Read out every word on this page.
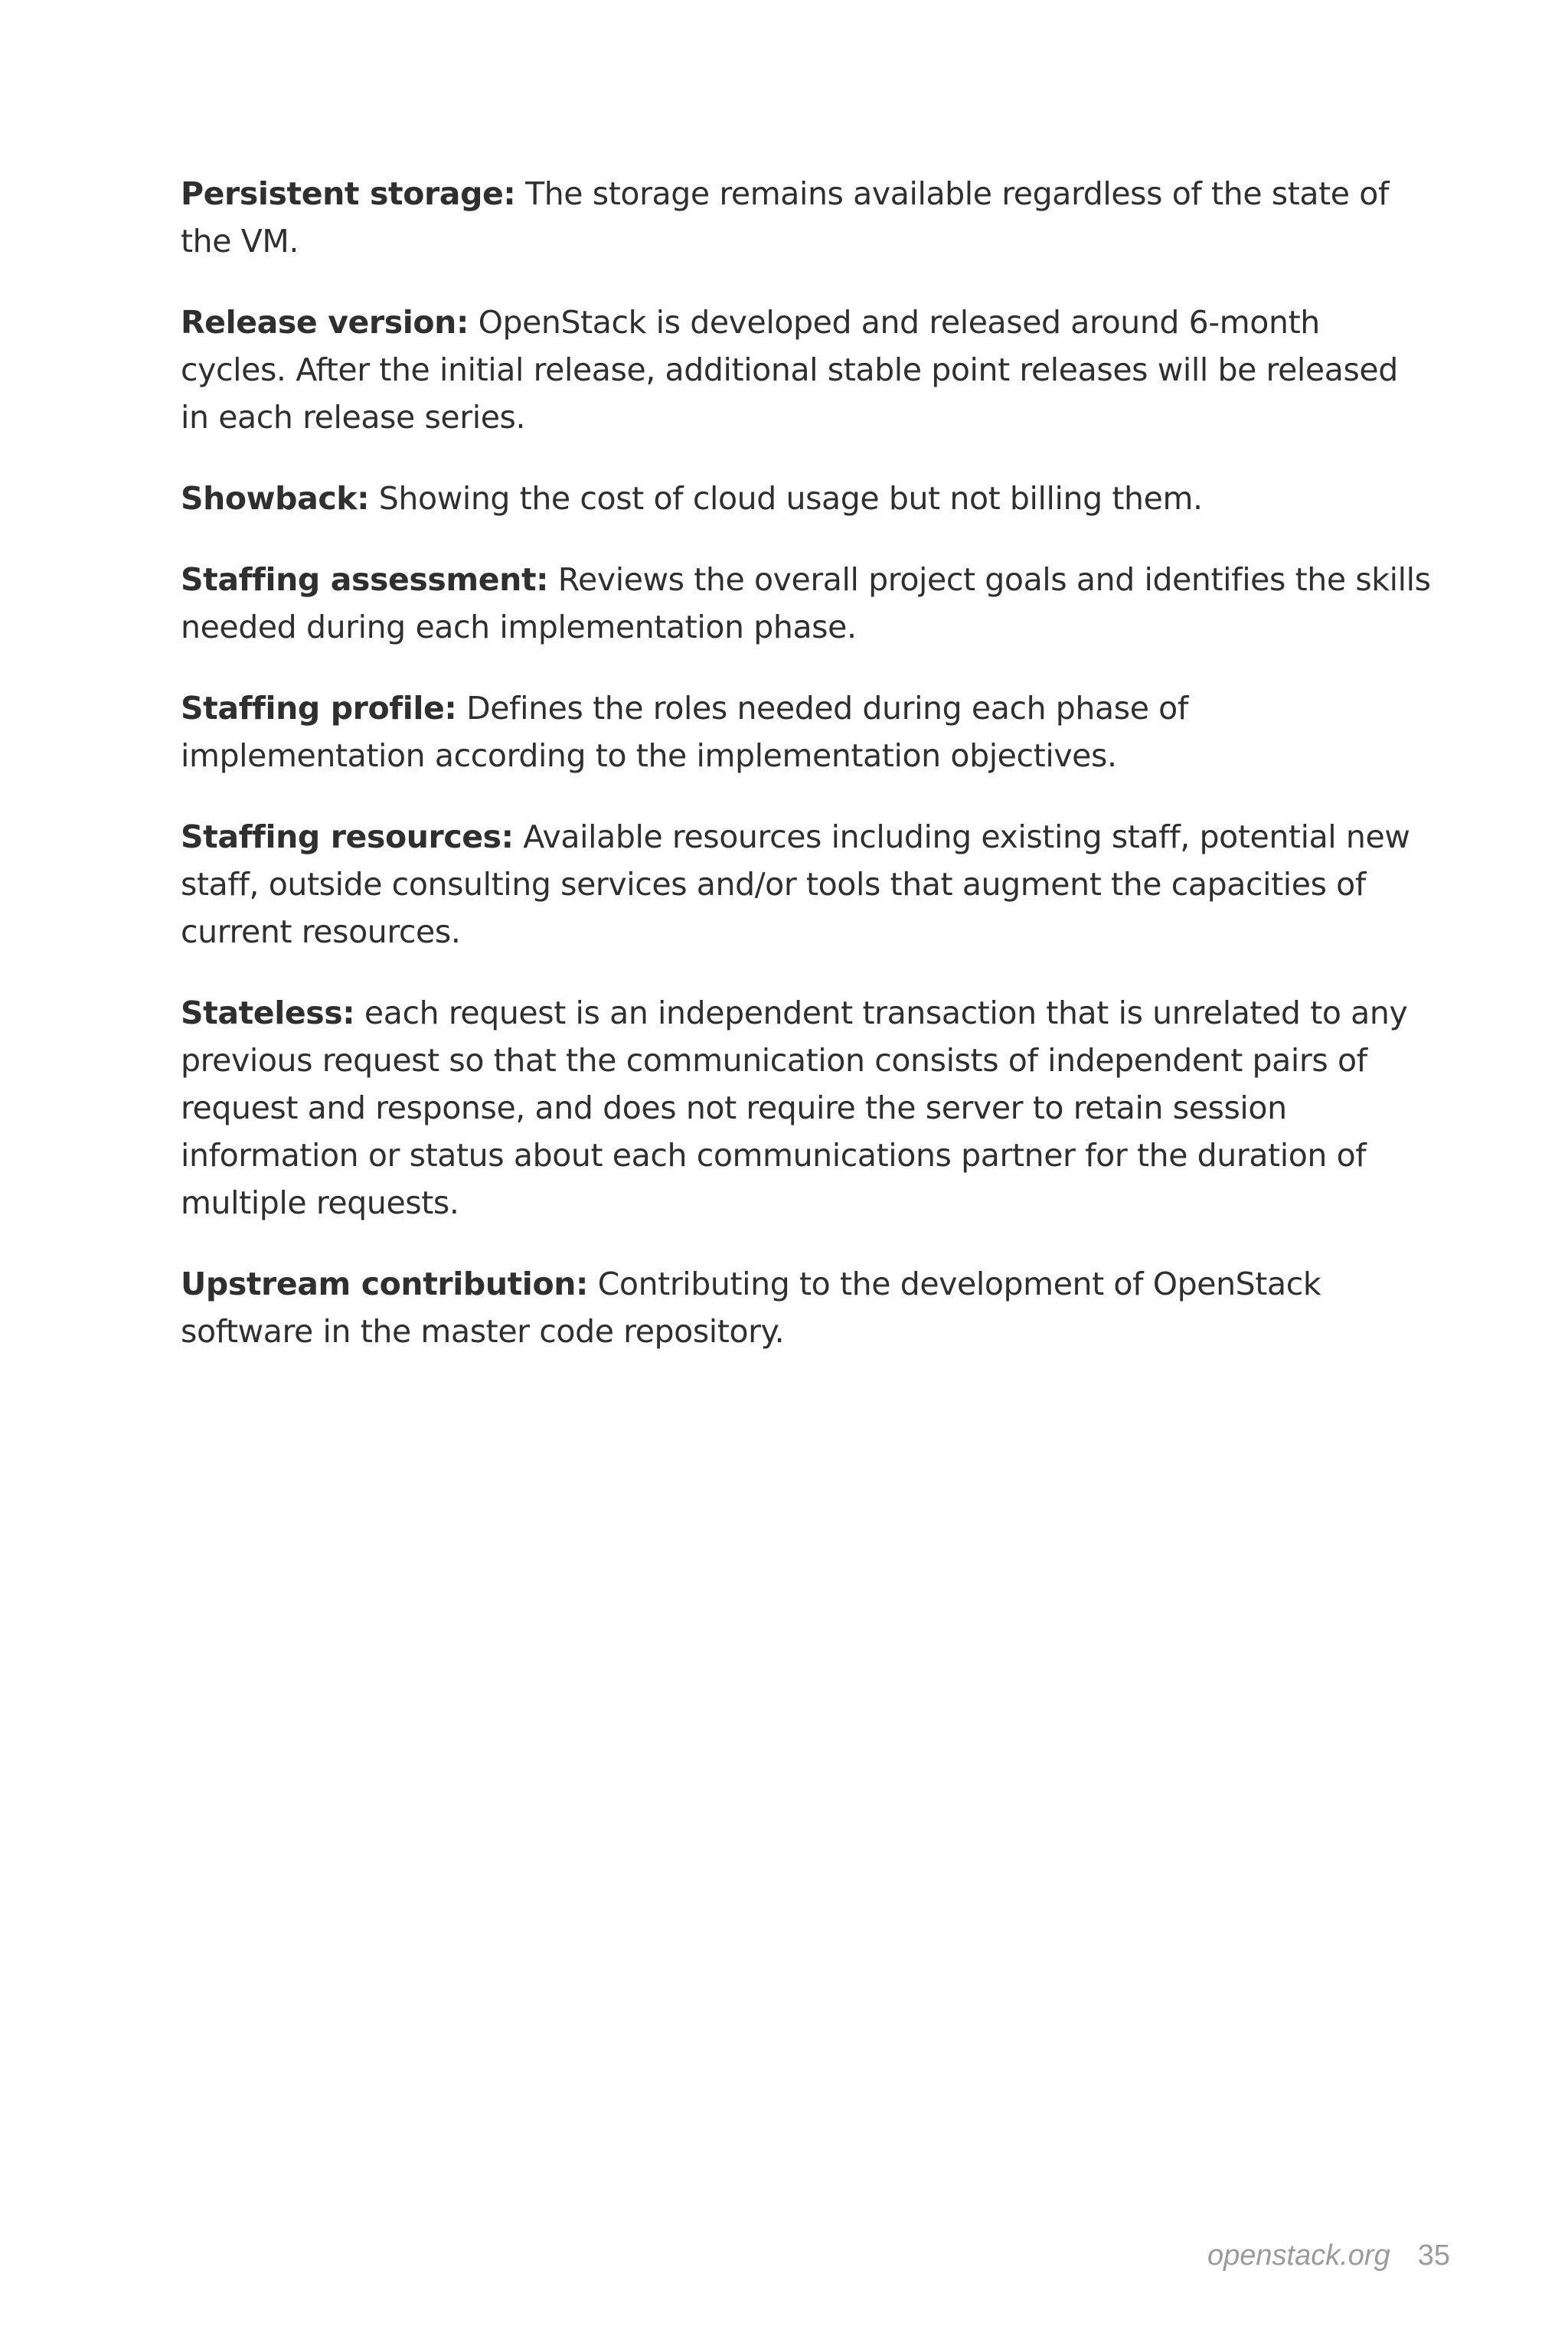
Persistent storage: The storage remains available regardless of the state of the VM.

Release version: OpenStack is developed and released around 6-month cycles. After the initial release, additional stable point releases will be released in each release series.

Showback: Showing the cost of cloud usage but not billing them.

Staffing assessment: Reviews the overall project goals and identifies the skills needed during each implementation phase.

Staffing profile: Defines the roles needed during each phase of implementation according to the implementation objectives.

Staffing resources: Available resources including existing staff, potential new staff, outside consulting services and/or tools that augment the capacities of current resources.

Stateless: each request is an independent transaction that is unrelated to any previous request so that the communication consists of independent pairs of request and response, and does not require the server to retain session information or status about each communications partner for the duration of multiple requests.

Upstream contribution: Contributing to the development of OpenStack software in the master code repository.

openstack.org 35
